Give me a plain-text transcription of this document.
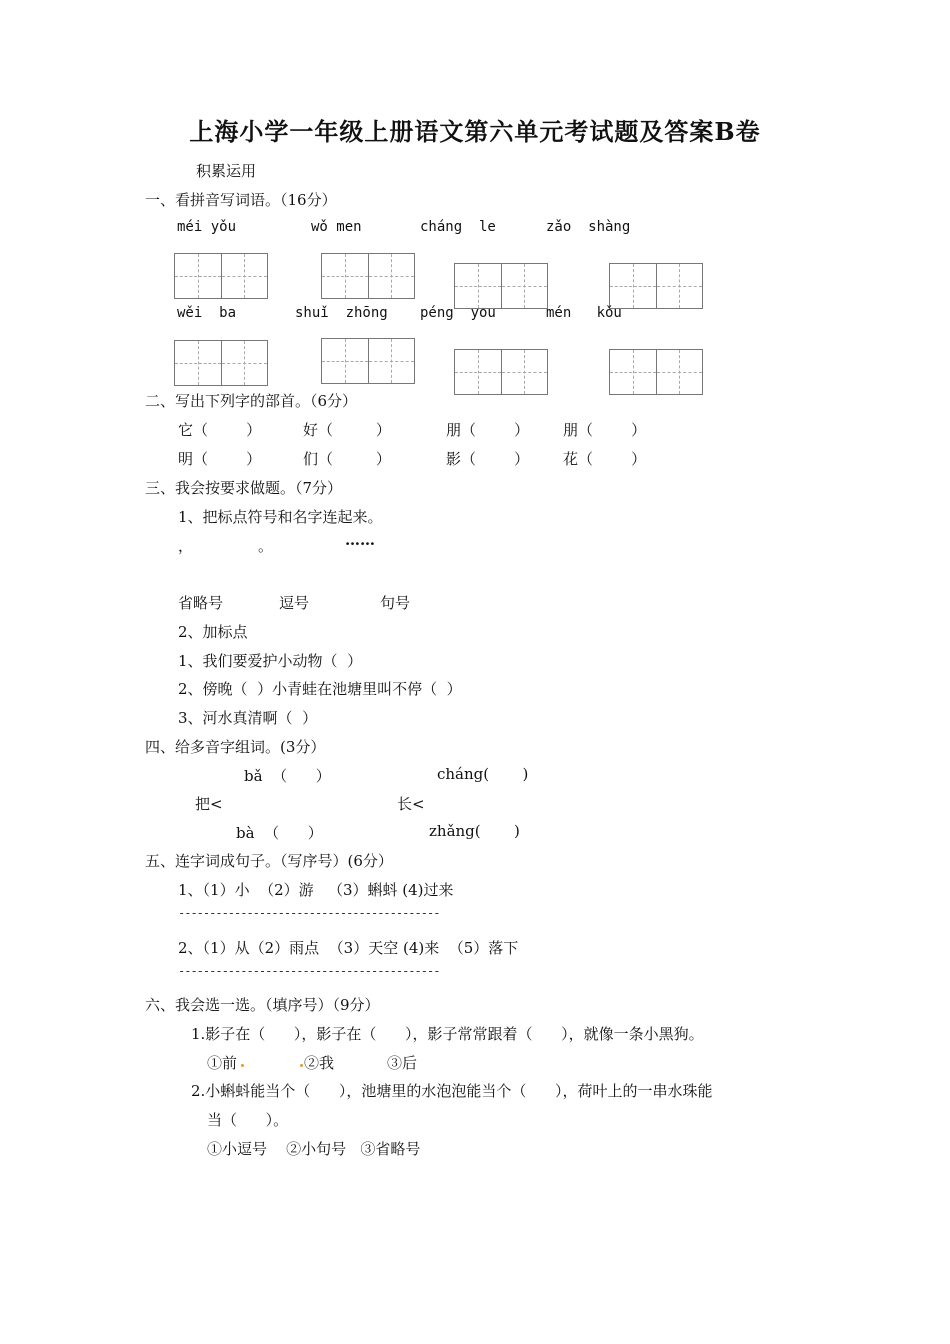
上海小学一年级上册语文第六单元考试题及答案B卷
积累运用
一、看拼音写词语。（16分）
méi yǒu	wǒ men	cháng  le	zǎo  shàng
wěi  ba	shuǐ  zhōng péng  you	mén   kǒu
二、写出下列字的部首。（6分）
它（        ）	好（         ）	朋（        ） 朋（        ）
明（        ）	们（         ）	影（        ） 花（        ）
三、我会按要求做题。（7分）
1、把标点符号和名字连起来。
，	。	……
省略号	逗号	句号
2、加标点
1、我们要爱护小动物（  ）
2、傍晚（  ）小青蛙在池塘里叫不停（  ）
3、河水真清啊（  ）
四、给多音字组词。(3分）
bǎ  （      ）	cháng(       )
把<	长<
bà  （      ）	zhǎng(       )
五、连字词成句子。（写序号）(6分）
1、（1）小  （2）游   （3）蝌蚪 (4)过来
------------------------------------------
2、（1）从（2）雨点  （3）天空 (4)来  （5）落下
------------------------------------------
六、我会选一选。（填序号）（9分）
1.影子在（      ），影子在（      ），影子常常跟着（      ），就像一条小黑狗。
①前	②我	③后
2.小蝌蚪能当个（      ），池塘里的水泡泡能当个（      ），荷叶上的一串水珠能
当（      ）。
①小逗号    ②小句号   ③省略号
